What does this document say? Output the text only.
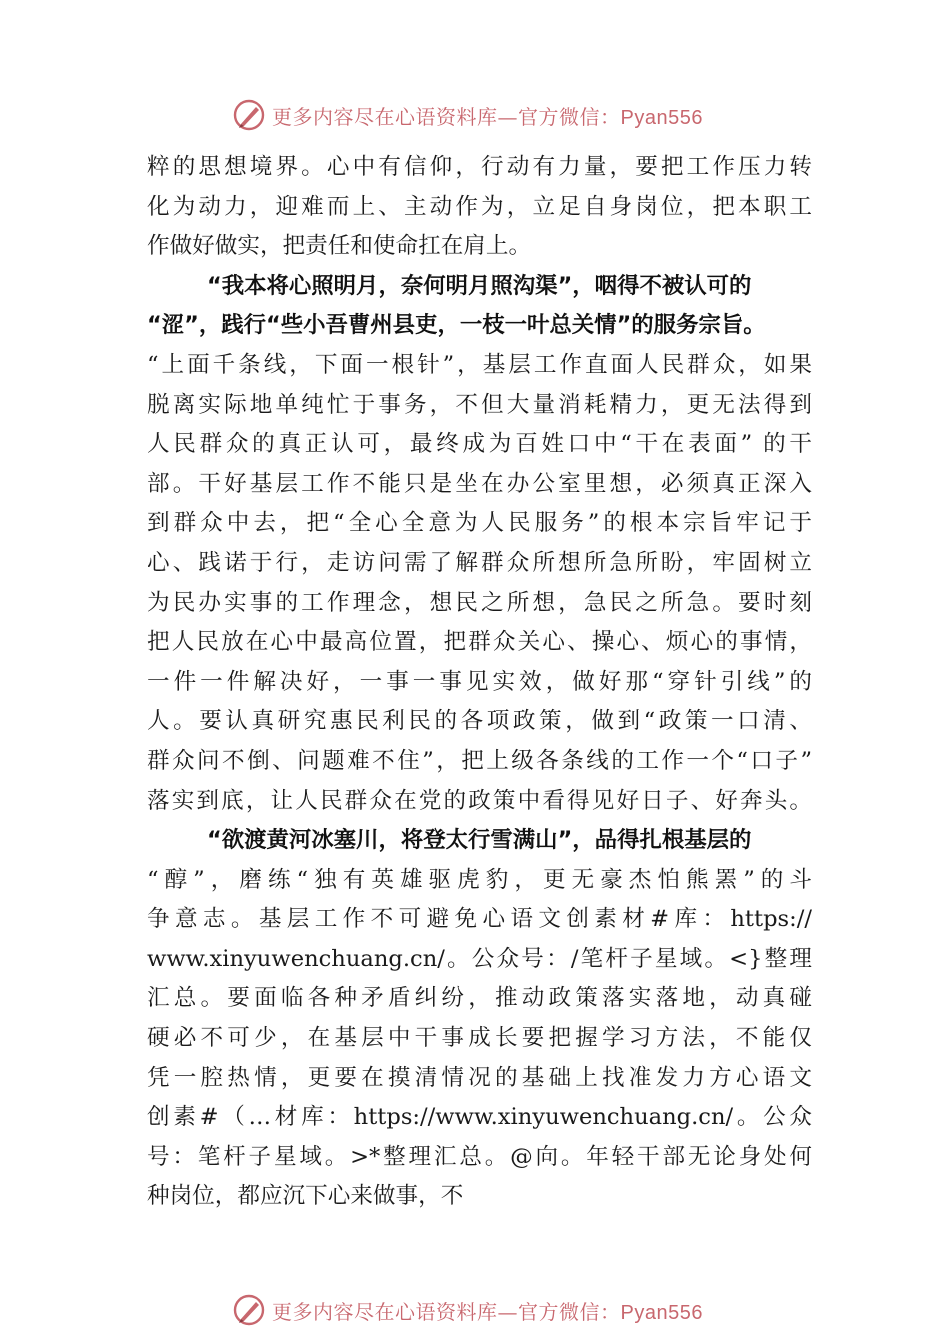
更多内容尽在心语资料库—官方微信：Pyan556
粹的思想境界。心中有信仰，行动有力量，要把工作压力转
化为动力，迎难而上、主动作为，立足自身岗位，把本职工
作做好做实，把责任和使命扛在肩上。
“我本将心照明月，奈何明月照沟渠”，咽得不被认可的
“涩”，践行“些小吾曹州县吏，一枝一叶总关情”的服务宗旨。
“上面千条线，下面一根针”，基层工作直面人民群众，如果
脱离实际地单纯忙于事务，不但大量消耗精力，更无法得到
人民群众的真正认可，最终成为百姓口中“干在表面” 的干
部。干好基层工作不能只是坐在办公室里想，必须真正深入
到群众中去，把“全心全意为人民服务”的根本宗旨牢记于
心、践诺于行，走访问需了解群众所想所急所盼，牢固树立
为民办实事的工作理念，想民之所想，急民之所急。要时刻
把人民放在心中最高位置，把群众关心、操心、烦心的事情，
一件一件解决好，一事一事见实效，做好那“穿针引线”的
人。要认真研究惠民利民的各项政策，做到“政策一口清、
群众问不倒、问题难不住”，把上级各条线的工作一个“口子”
落实到底，让人民群众在党的政策中看得见好日子、好奔头。
“欲渡黄河冰塞川，将登太行雪满山”，品得扎根基层的
“醇”，磨练“独有英雄驱虎豹，更无豪杰怕熊罴”的斗
争意志。基层工作不可避免心语文创素材#库：https://
www.xinyuwenchuang.cn/。公众号：/笔杆子星域。<}整理
汇总。要面临各种矛盾纠纷，推动政策落实落地，动真碰
硬必不可少，在基层中干事成长要把握学习方法，不能仅
凭一腔热情，更要在摸清情况的基础上找准发力方心语文
创素#（…材库：https://www.xinyuwenchuang.cn/。公众
号：笔杆子星域。>*整理汇总。@向。年轻干部无论身处何
种岗位，都应沉下心来做事，不
更多内容尽在心语资料库—官方微信：Pyan556
